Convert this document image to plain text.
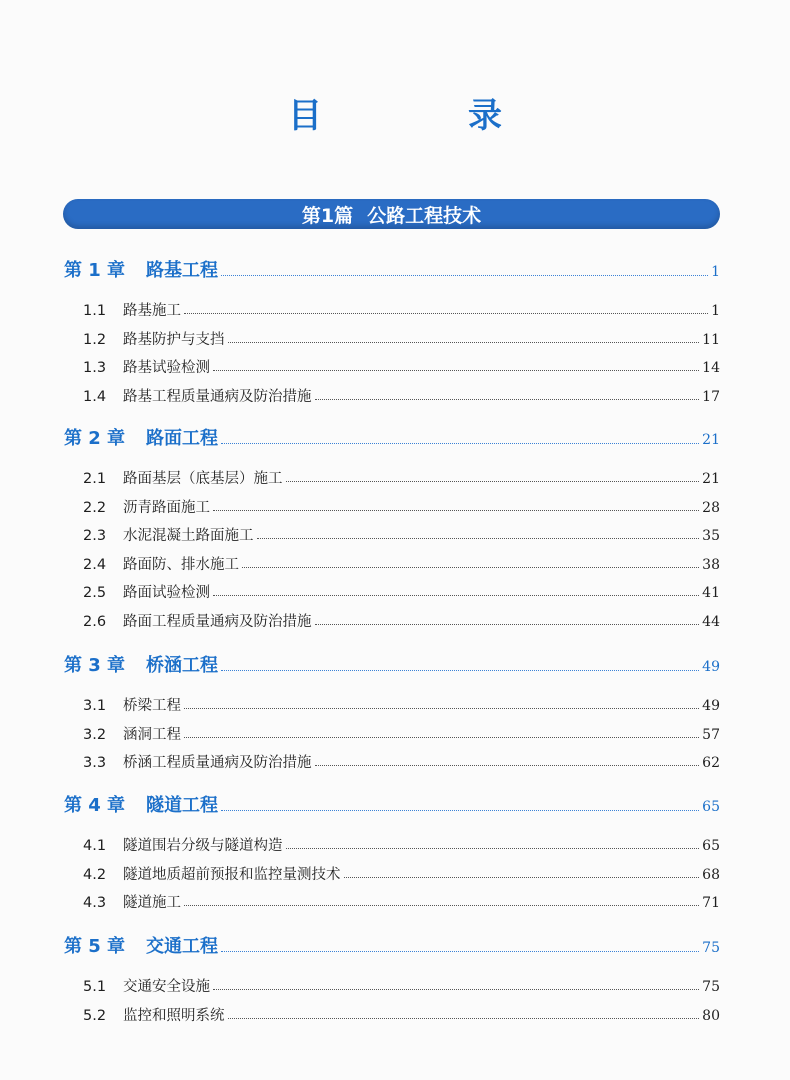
目　录
第1篇 公路工程技术
第 1 章	路基工程	1
1.1	路基施工	1
1.2	路基防护与支挡	11
1.3	路基试验检测	14
1.4	路基工程质量通病及防治措施	17
第 2 章	路面工程	21
2.1	路面基层（底基层）施工	21
2.2	沥青路面施工	28
2.3	水泥混凝土路面施工	35
2.4	路面防、排水施工	38
2.5	路面试验检测	41
2.6	路面工程质量通病及防治措施	44
第 3 章	桥涵工程	49
3.1	桥梁工程	49
3.2	涵洞工程	57
3.3	桥涵工程质量通病及防治措施	62
第 4 章	隧道工程	65
4.1	隧道围岩分级与隧道构造	65
4.2	隧道地质超前预报和监控量测技术	68
4.3	隧道施工	71
第 5 章	交通工程	75
5.1	交通安全设施	75
5.2	监控和照明系统	80
